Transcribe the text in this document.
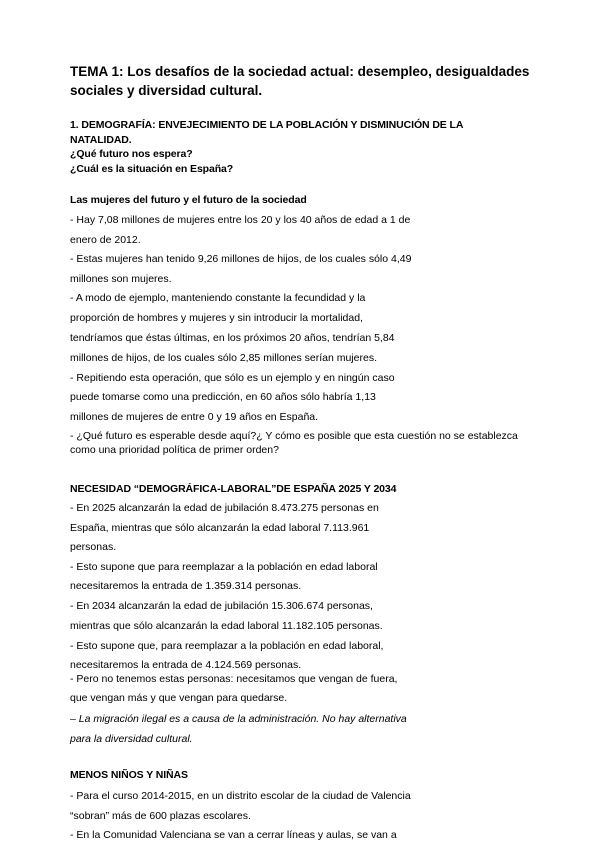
TEMA 1: Los desafíos de la sociedad actual: desempleo, desigualdades
sociales y diversidad cultural.
1. DEMOGRAFÍA: ENVEJECIMIENTO DE LA POBLACIÓN Y DISMINUCIÓN DE LA
NATALIDAD.
¿Qué futuro nos espera?
¿Cuál es la situación en España?
Las mujeres del futuro y el futuro de la sociedad
- Hay 7,08 millones de mujeres entre los 20 y los 40 años de edad a 1 de
enero de 2012.
- Estas mujeres han tenido 9,26 millones de hijos, de los cuales sólo 4,49
millones son mujeres.
- A modo de ejemplo, manteniendo constante la fecundidad y la
proporción de hombres y mujeres y sin introducir la mortalidad,
tendríamos que éstas últimas, en los próximos 20 años, tendrían 5,84
millones de hijos, de los cuales sólo 2,85 millones serían mujeres.
- Repitiendo esta operación, que sólo es un ejemplo y en ningún caso
puede tomarse como una predicción, en 60 años sólo habría 1,13
millones de mujeres de entre 0 y 19 años en España.
- ¿Qué futuro es esperable desde aquí?¿ Y cómo es posible que esta cuestión no se establezca
como una prioridad política de primer orden?
NECESIDAD “DEMOGRÁFICA-LABORAL”DE ESPAÑA 2025 Y 2034
- En 2025 alcanzarán la edad de jubilación 8.473.275 personas en
España, mientras que sólo alcanzarán la edad laboral 7.113.961
personas.
- Esto supone que para reemplazar a la población en edad laboral
necesitaremos la entrada de 1.359.314 personas.
- En 2034 alcanzarán la edad de jubilación 15.306.674 personas,
mientras que sólo alcanzarán la edad laboral 11.182.105 personas.
- Esto supone que, para reemplazar a la población en edad laboral,
necesitaremos la entrada de 4.124.569 personas.
- Pero no tenemos estas personas: necesitamos que vengan de fuera,
que vengan más y que vengan para quedarse.
– La migración ilegal es a causa de la administración. No hay alternativa
para la diversidad cultural.
MENOS NIÑOS Y NIÑAS
- Para el curso 2014-2015, en un distrito escolar de la ciudad de Valencia
“sobran” más de 600 plazas escolares.
- En la Comunidad Valenciana se van a cerrar líneas y aulas, se van a
